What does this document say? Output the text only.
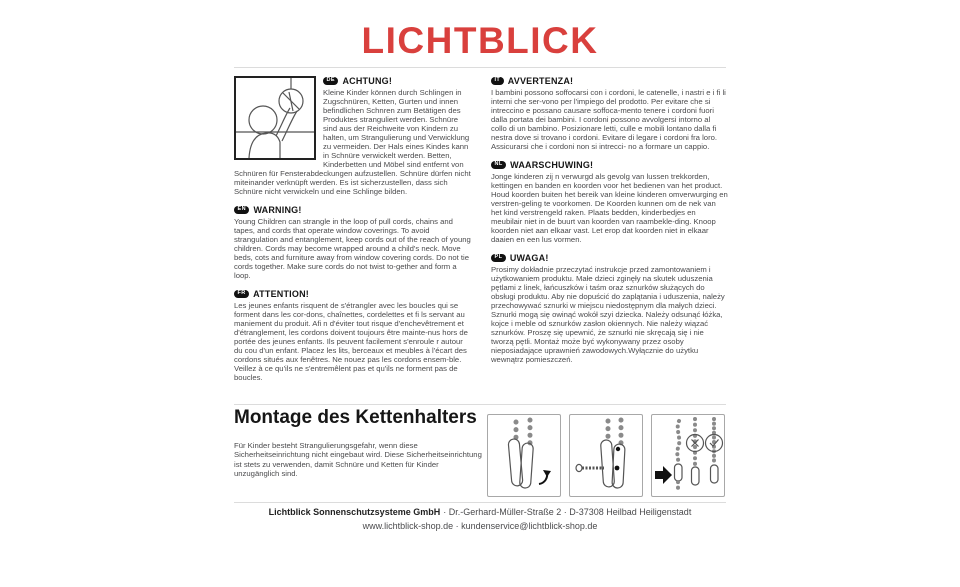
LICHTBLICK
DE ACHTUNG!

Kleine Kinder können durch Schlingen in Zugschnüren, Ketten, Gurten und innen befindlichen Schnren zum Betätigen des Produktes stranguliert werden. Schnüre sind aus der Reichweite von Kindern zu halten, um Strangulierung und Verwicklung zu vermeiden. Der Hals eines Kindes kann in Schnüre verwickelt werden. Betten, Kinderbetten und Möbel sind entfernt von Schnüren für Fensterabdeckungen aufzustellen. Schnüre dürfen nicht miteinander verknüpft werden. Es ist sicherzustellen, dass sich Schnüre nicht verwickeln und eine Schlinge bilden.

EN WARNING!

Young Children can strangle in the loop of pull cords, chains and tapes, and cords that operate window coverings. To avoid strangulation and entanglement, keep cords out of the reach of young children. Cords may become wrapped around a child's neck. Move beds, cots and furniture away from window covering cords. Do not tie cords together. Make sure cords do not twist to-gether and form a loop.

FR ATTENTION!

Les jeunes enfants risquent de s'étrangler avec les boucles qui se forment dans les cor-dons, chaînettes, cordelettes et fi ls servant au maniement du produit. Afi n d'éviter tout risque d'enchevêtrement et d'étranglement, les cordons doivent toujours être mainte-nus hors de portée des jeunes enfants. Ils peuvent facilement s'enroule r autour du cou d'un enfant. Placez les lits, berceaux et meubles à l'écart des cordons situés aux fenêtres. Ne nouez pas les cordons ensem-ble. Veillez à ce qu'ils ne s'entremêlent pas et qu'ils ne forment pas de boucles.

IT AVVERTENZA!

I bambini possono soffocarsi con i cordoni, le catenelle, i nastri e i fi li interni che ser-vono per l'impiego del prodotto. Per evitare che si intreccino e possano causare soffoca-mento tenere i cordoni fuori dalla portata dei bambini. I cordoni possono avvolgersi intorno al collo di un bambino. Posizionare letti, culle e mobili lontano dalla fi nestra dove si trovano i cordoni. Evitare di legare i cordoni fra loro. Assicurarsi che i cordoni non si intrecci- no a formare un cappio.

NL WAARSCHUWING!

Jonge kinderen zij n verwurgd als gevolg van lussen trekkorden, kettingen en banden en koorden voor het bedienen van het product. Houd koorden buiten het bereik van kleine kinderen omverwurging en verstren-geling te voorkomen. De Koorden kunnen om de nek van het kind verstrengeld raken. Plaats bedden, kinderbedjes en meubilair niet in de buurt van koorden van raambekle-ding. Knoop koorden niet aan elkaar vast. Let erop dat koorden niet in elkaar daaien en een lus vormen.

PL UWAGA!

Prosimy dokładnie przeczytać instrukcje przed zamontowaniem i użytkowaniem produktu. Małe dzieci zginęły na skutek uduszenia pętlami z linek, łańcuszków i taśm oraz sznurków służących do obsługi produktu. Aby nie dopuścić do zaplątania i uduszenia, należy przechowywać sznurki w miejscu niedostępnym dla małych dzieci. Sznurki mogą się owinąć wokół szyi dziecka. Należy odsunąć łóżka, kojce i meble od sznurków zasłon okiennych. Nie należy wiązać sznurków. Proszę się upewnić, że sznurki nie skręcają się i nie tworzą pętli. Montaż może być wykonywany przez osoby nieposiadające uprawnień zawodowych.Wyłącznie do użytku wewnątrz pomieszczeń.

Montage des Kettenhalters

Für Kinder besteht Strangulierungsgefahr, wenn diese Sicherheitseinrichtung nicht eingebaut wird. Diese Sicherheitseinrichtung ist stets zu verwenden, damit Schnüre und Ketten für Kinder unzugänglich sind.

Lichtblick Sonnenschutzsysteme GmbH · Dr.-Gerhard-Müller-Straße 2 · D-37308 Heilbad Heiligenstadt
www.lichtblick-shop.de · kundenservice@lichtblick-shop.de
